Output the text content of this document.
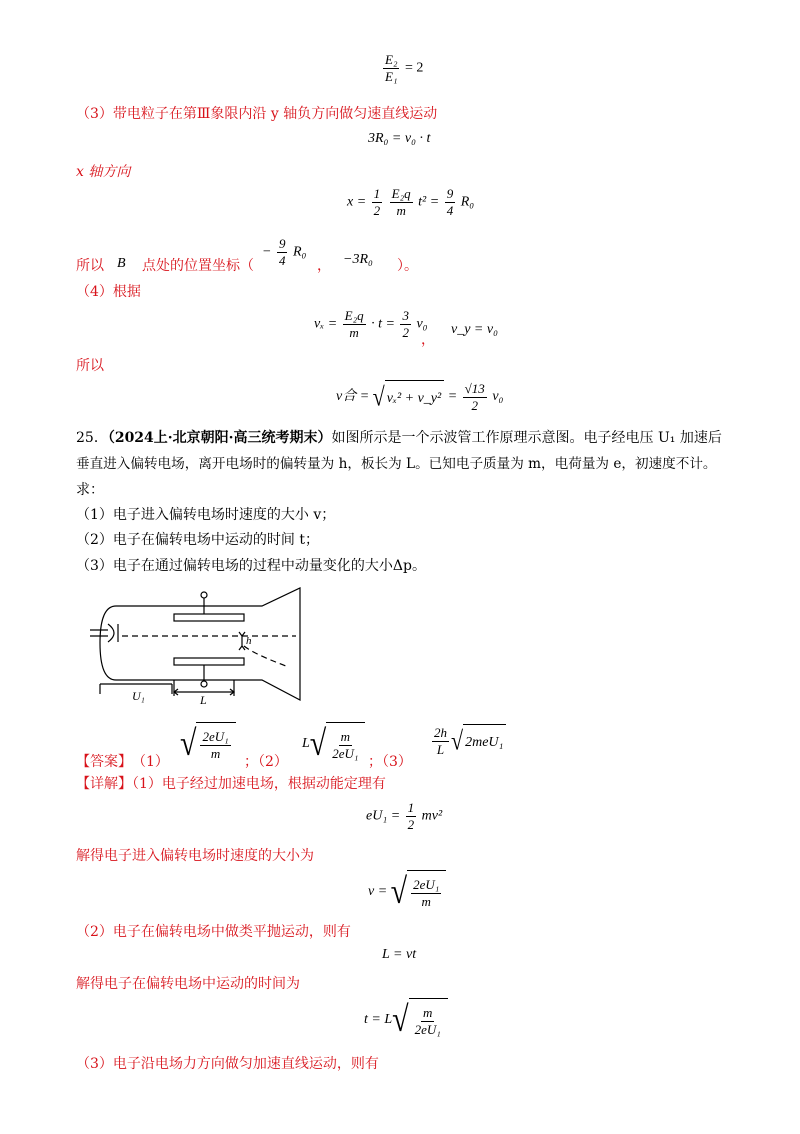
$\frac{\text{E₂}}{\text{E₁}} = 2$
（3）带电粒子在第Ⅲ象限内沿 y 轴负方向做匀速直线运动
3R₀ = v₀ · t
x 轴方向
$x = \frac{1}{2}$
$\frac{\text{E₂q}}{m} t^2 = \frac{9}{4} R_0$
所以 B 点处的位置坐标（
− $\frac{9}{4} R_0$
， −3R₀ ）。
（4）根据
$v_x = \frac{\text{E₂q}}{m} \cdot t = \frac{3}{2} v_0$
，
v_y = v₀
所以
v合 = √ vₓ² + v_y² = $\frac{√13}{2} v_0$
25．（2024上·北京朝阳·高三统考期末）如图所示是一个示波管工作原理示意图。电子经电压 U₁ 加速后
垂直进入偏转电场，离开电场时的偏转量为 h，板长为 L。已知电子质量为 m，电荷量为 e，初速度不计。
求：
（1）电子进入偏转电场时速度的大小 v；
（2）电子在偏转电场中运动的时间 t；
（3）电子在通过偏转电场的过程中动量变化的大小Δp。
h
U₁	L
【答案】 （1） √ $\frac{\text{2eU₁}}{m}$ ；（2）
L √ $\frac{m}{\text{2eU₁}}$ ；（3）
$\frac{2h}{L}$ √ 2meU₁
【详解】（1）电子经过加速电场，根据动能定理有
$eU_1 = \frac{1}{2} mv^2$
解得电子进入偏转电场时速度的大小为
v = √ $\frac{\text{2eU₁}}{m}$
（2）电子在偏转电场中做类平抛运动，则有
L = vt
解得电子在偏转电场中运动的时间为
t = L √ $\frac{m}{\text{2eU₁}}$
（3）电子沿电场力方向做匀加速直线运动，则有
